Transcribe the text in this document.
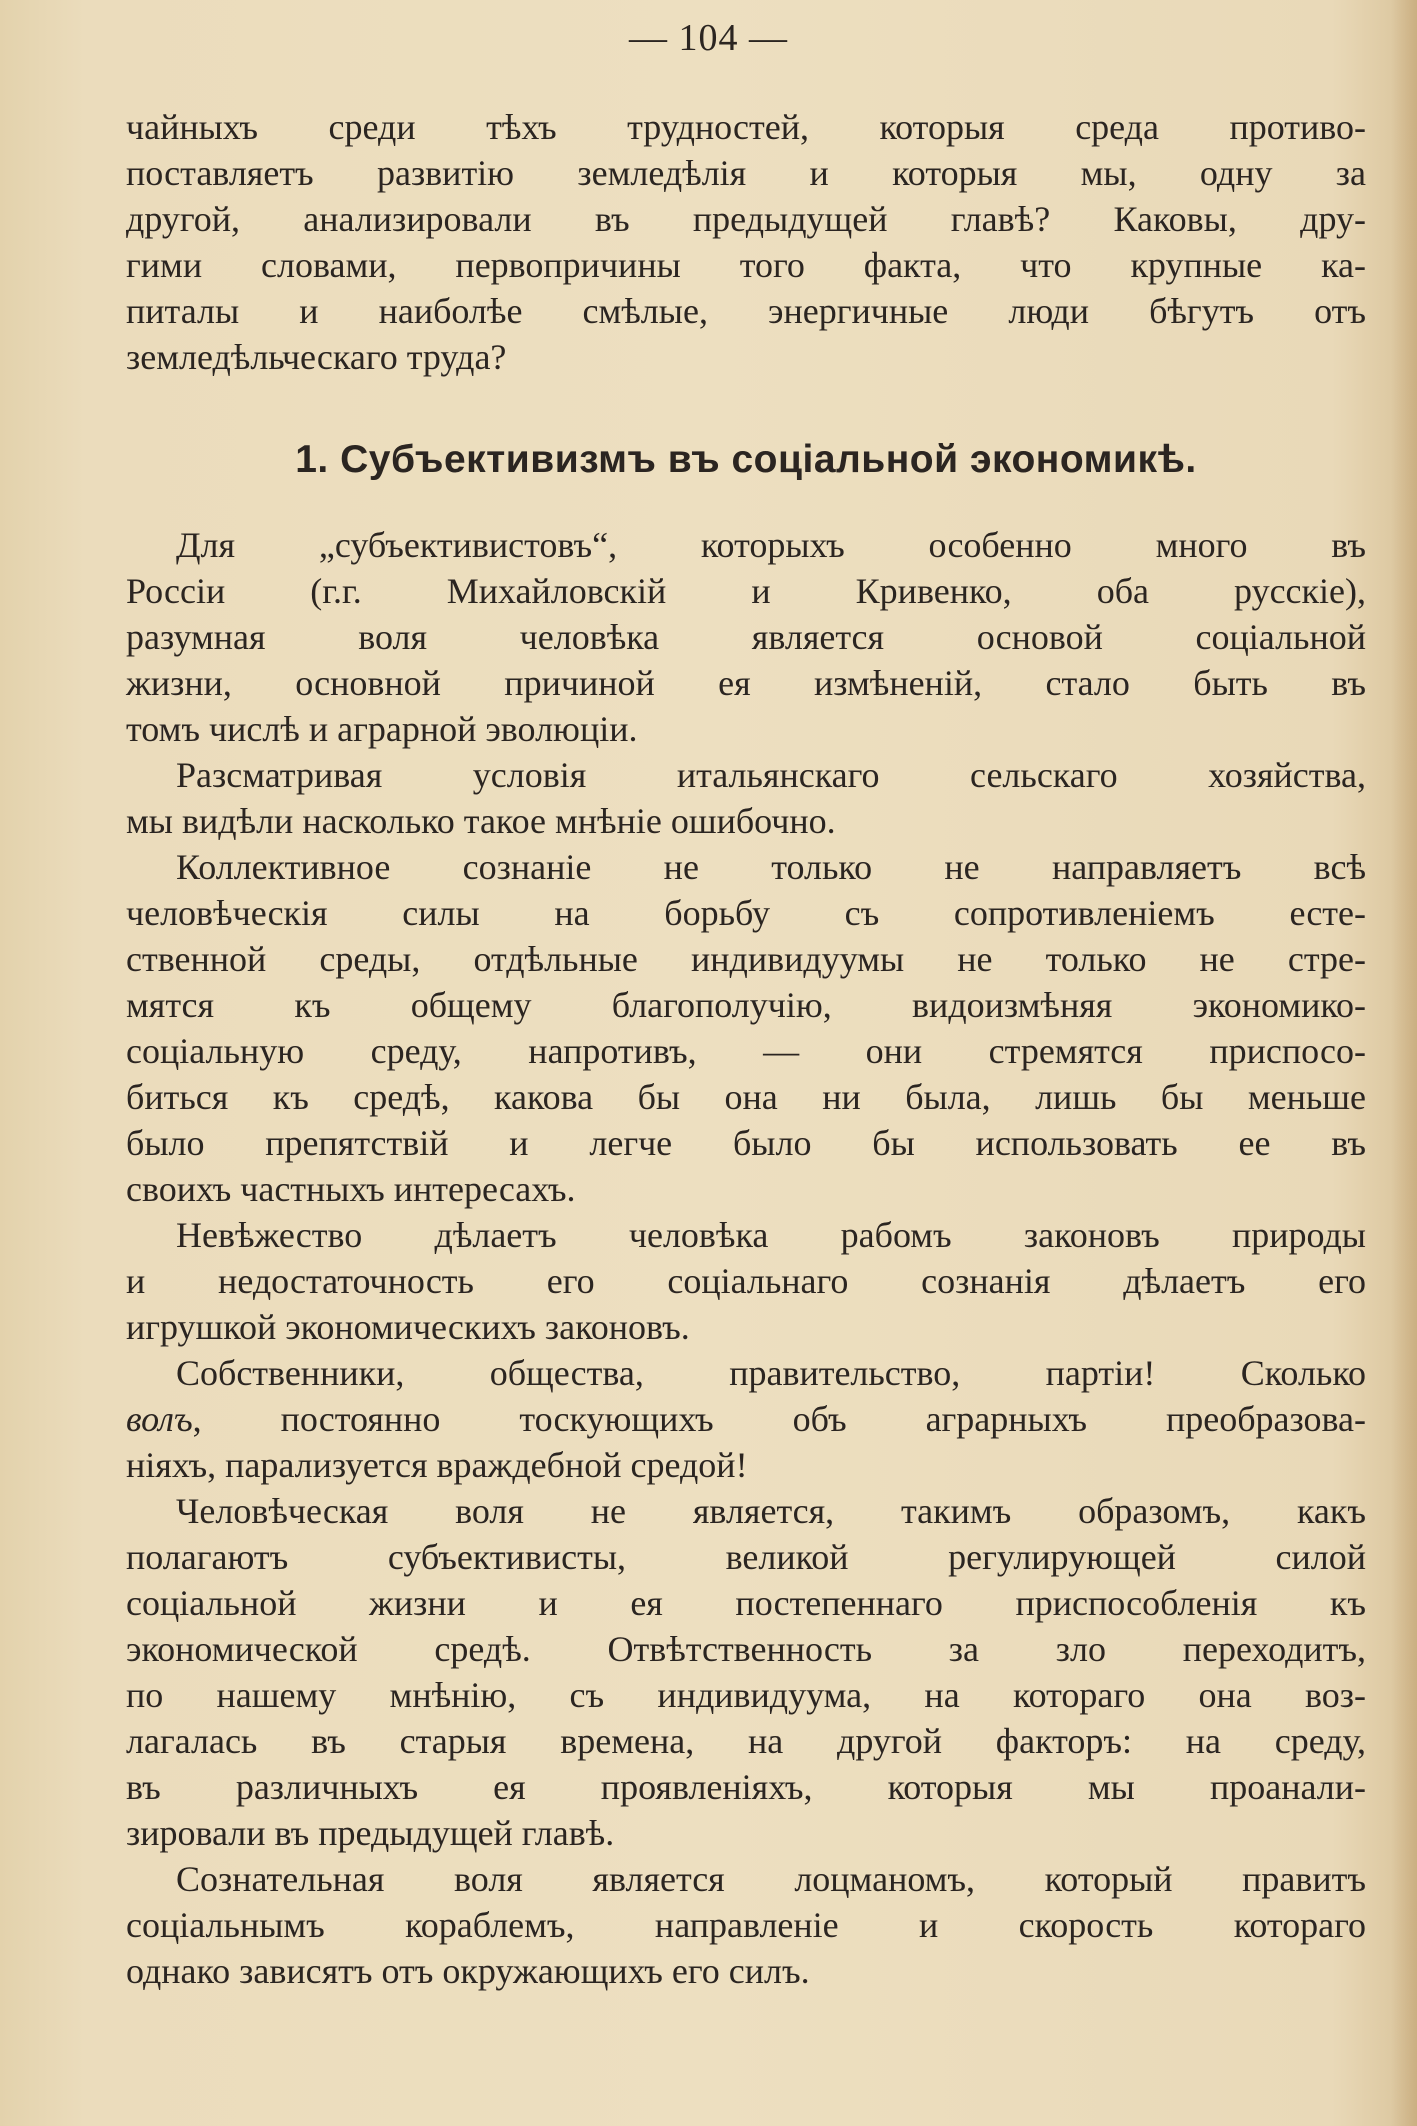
— 104 —
чайныхъ среди тѣхъ трудностей, которыя среда противо-
поставляетъ развитію земледѣлія и которыя мы, одну за
другой, анализировали въ предыдущей главѣ? Каковы, дру-
гими словами, первопричины того факта, что крупные ка-
питалы и наиболѣе смѣлые, энергичные люди бѣгутъ отъ
земледѣльческаго труда?
1. Субъективизмъ въ соціальной экономикѣ.
Для „субъективистовъ“, которыхъ особенно много въ
Россіи (г.г. Михайловскій и Кривенко, оба русскіе),
разумная воля человѣка является основой соціальной
жизни, основной причиной ея измѣненій, стало быть въ
томъ числѣ и аграрной эволюціи.
Разсматривая условія итальянскаго сельскаго хозяйства,
мы видѣли насколько такое мнѣніе ошибочно.
Коллективное сознаніе не только не направляетъ всѣ
человѣческія силы на борьбу съ сопротивленіемъ есте-
ственной среды, отдѣльные индивидуумы не только не стре-
мятся къ общему благополучію, видоизмѣняя экономико-
соціальную среду, напротивъ, — они стремятся приспосо-
биться къ средѣ, какова бы она ни была, лишь бы меньше
было препятствій и легче было бы использовать ее въ
своихъ частныхъ интересахъ.
Невѣжество дѣлаетъ человѣка рабомъ законовъ природы
и недостаточность его соціальнаго сознанія дѣлаетъ его
игрушкой экономическихъ законовъ.
Собственники, общества, правительство, партіи! Сколько
волъ, постоянно тоскующихъ объ аграрныхъ преобразова-
ніяхъ, парализуется враждебной средой!
Человѣческая воля не является, такимъ образомъ, какъ
полагаютъ субъективисты, великой регулирующей силой
соціальной жизни и ея постепеннаго приспособленія къ
экономической средѣ. Отвѣтственность за зло переходитъ,
по нашему мнѣнію, съ индивидуума, на котораго она воз-
лагалась въ старыя времена, на другой факторъ: на среду,
въ различныхъ ея проявленіяхъ, которыя мы проанали-
зировали въ предыдущей главѣ.
Сознательная воля является лоцманомъ, который правитъ
соціальнымъ кораблемъ, направленіе и скорость котораго
однако зависятъ отъ окружающихъ его силъ.
